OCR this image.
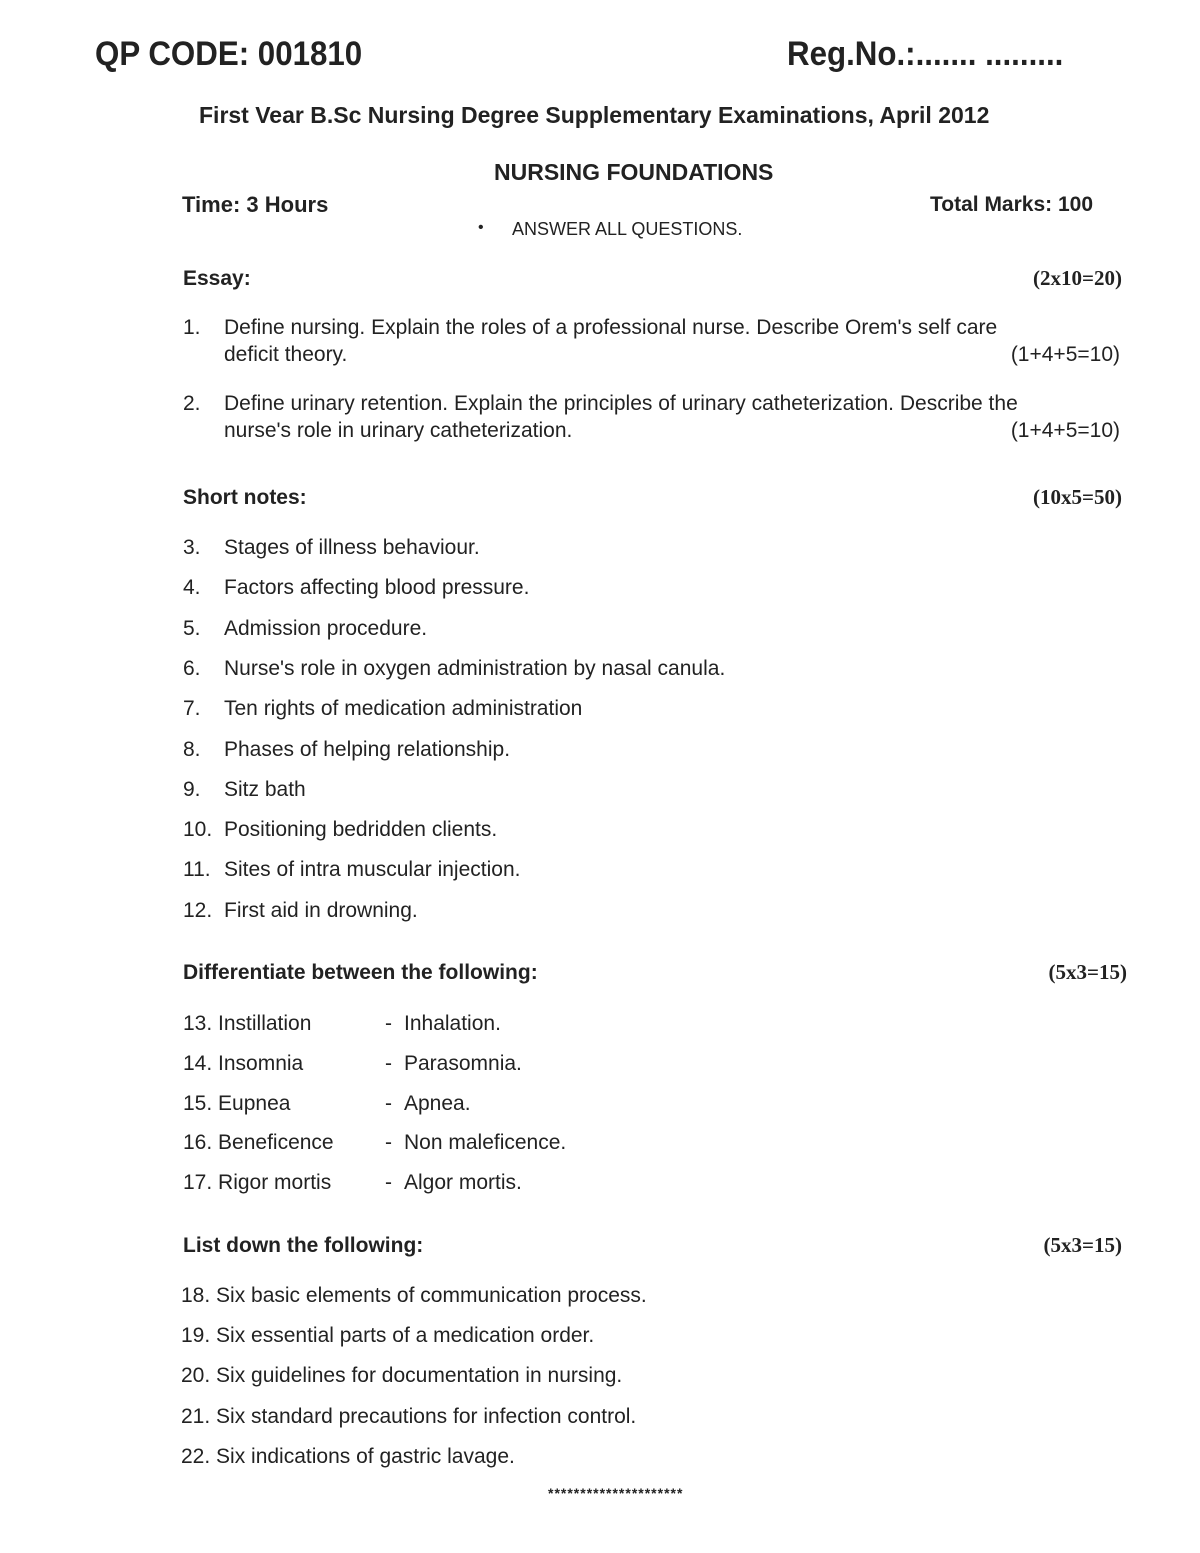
QP CODE: 001810	Reg.No.:....... .........
First Vear B.Sc Nursing Degree Supplementary Examinations, April 2012
NURSING FOUNDATIONS
Time: 3 Hours	Total Marks: 100
• ANSWER ALL QUESTIONS.
Essay:	(2x10=20)
1. Define nursing. Explain the roles of a professional nurse. Describe Orem's self care
deficit theory.	(1+4+5=10)
2. Define urinary retention. Explain the principles of urinary catheterization. Describe the
nurse's role in urinary catheterization.	(1+4+5=10)
Short notes:	(10x5=50)
3. Stages of illness behaviour.
4. Factors affecting blood pressure.
5. Admission procedure.
6. Nurse's role in oxygen administration by nasal canula.
7. Ten rights of medication administration
8. Phases of helping relationship.
9. Sitz bath
10. Positioning bedridden clients.
11. Sites of intra muscular injection.
12. First aid in drowning.
Differentiate between the following:	(5x3=15)
13. Instillation	- Inhalation.
14. Insomnia	- Parasomnia.
15. Eupnea	- Apnea.
16. Beneficence - Non maleficence.
17. Rigor mortis	- Algor mortis.
List down the following:	(5x3=15)
18. Six basic elements of communication process.
19. Six essential parts of a medication order.
20. Six guidelines for documentation in nursing.
21. Six standard precautions for infection control.
22. Six indications of gastric lavage.
*********************
